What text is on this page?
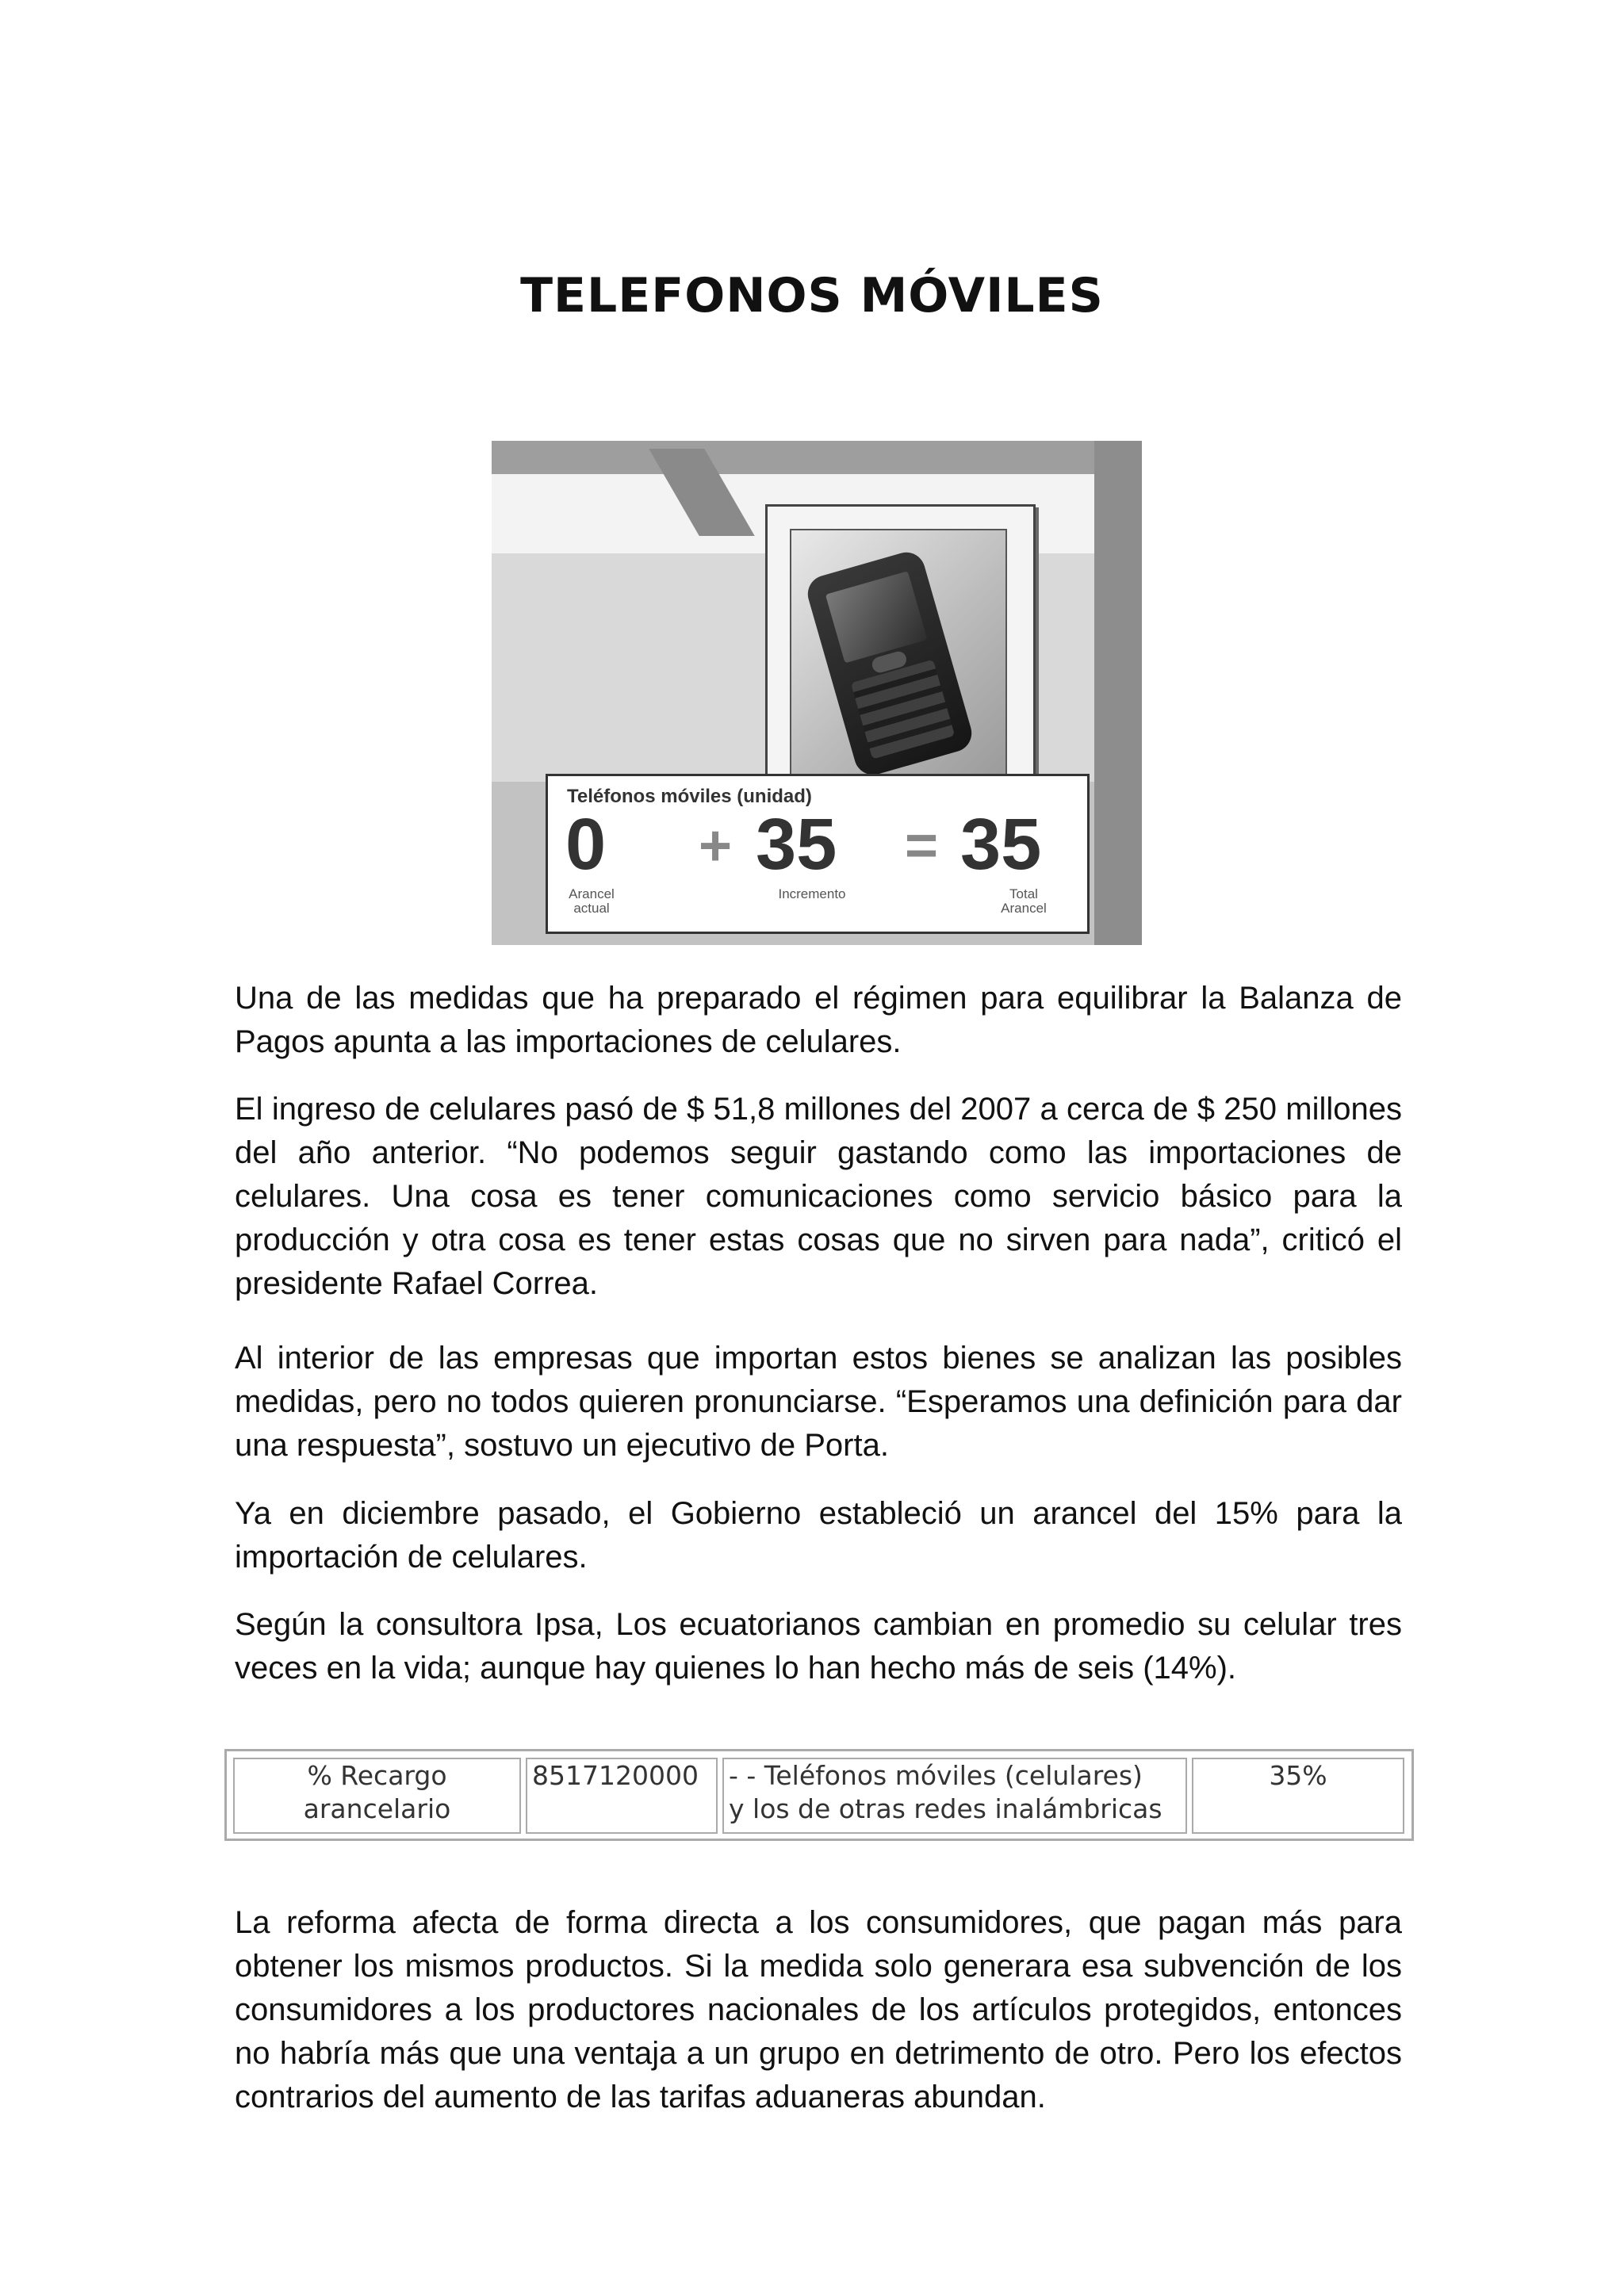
TELEFONOS MÓVILES
Teléfonos móviles (unidad)
0 + 35 = 35
Arancel
actual
Incremento	Total
Arancel

Una de las medidas que ha preparado el régimen para equilibrar la Balanza de Pagos apunta a las importaciones de celulares.

El ingreso de celulares pasó de $ 51,8 millones del 2007 a cerca de $ 250 millones del año anterior. “No podemos seguir gastando como las importaciones de celulares. Una cosa es tener comunicaciones como servicio básico para la producción y otra cosa es tener estas cosas que no sirven para nada”, criticó el presidente Rafael Correa.

Al interior de las empresas que importan estos bienes se analizan las posibles medidas, pero no todos quieren pronunciarse. “Esperamos una definición para dar una respuesta”, sostuvo un ejecutivo de Porta.

Ya en diciembre pasado, el Gobierno estableció un arancel del 15% para la importación de celulares.

Según la consultora Ipsa, Los ecuatorianos cambian en promedio su celular tres veces en la vida; aunque hay quienes lo han hecho más de seis (14%).

% Recargo
arancelario
8517120000	- - Teléfonos móviles (celulares)
y los de otras redes inalámbricas
35%

La reforma afecta de forma directa a los consumidores, que pagan más para obtener los mismos productos. Si la medida solo generara esa subvención de los consumidores a los productores nacionales de los artículos protegidos, entonces no habría más que una ventaja a un grupo en detrimento de otro. Pero los efectos contrarios del aumento de las tarifas aduaneras abundan.
